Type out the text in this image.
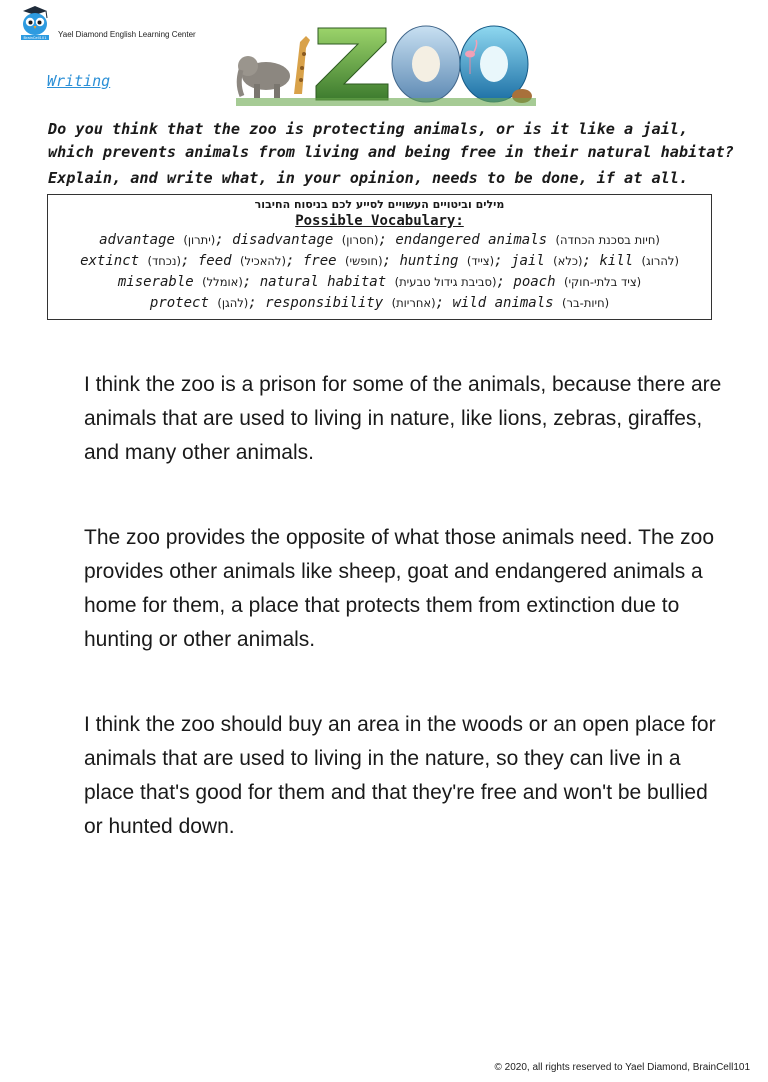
BrainCell101 Yael Diamond English Learning Center
Writing
ZOO
Do you think that the zoo is protecting animals, or is it like a jail,
which prevents animals from living and being free in their natural habitat?
Explain, and write what, in your opinion, needs to be done, if at all.
מילים וביטויים העשויים לסייע לכם בניסוח החיבור
Possible Vocabulary:
advantage (יתרון); disadvantage (חסרון); endangered animals (חיות בסכנת הכחדה)
extinct (נכחד); feed (להאכיל); free (חופשי); hunting (צייד); jail (כלא); kill (להרוג)
miserable (אומלל); natural habitat (סביבת גידול טבעית); poach (ציד בלתי-חוקי)
protect (להגן); responsibility (אחריות); wild animals (חיות-בר)

I think the zoo is a prison for some of the animals, because there are animals that are used to living in nature, like lions, zebras, giraffes, and many other animals.

The zoo provides the opposite of what those animals need. The zoo provides other animals like sheep, goat and endangered animals a home for them, a place that protects them from extinction due to hunting or other animals.

I think the zoo should buy an area in the woods or an open place for animals that are used to living in the nature, so they can live in a place that's good for them and that they're free and won't be bullied or hunted down.

© 2020, all rights reserved to Yael Diamond, BrainCell101
